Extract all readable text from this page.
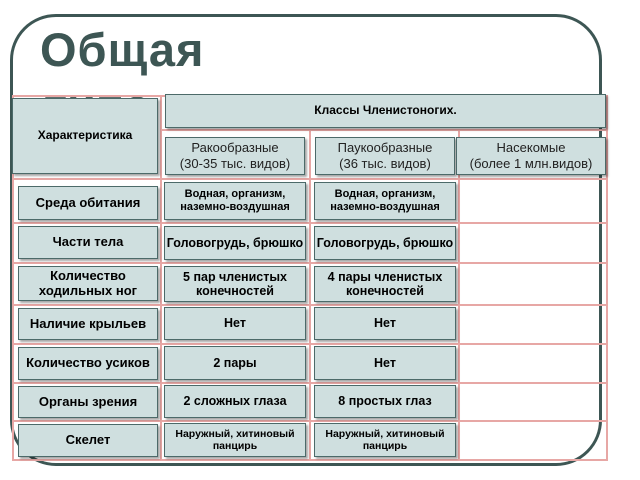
Общая
Характеристика
Классы Членистоногих.
Ракообразные
(30-35 тыс. видов)
Паукообразные
(36 тыс. видов)
Насекомые
(более 1 млн.видов)
Среда обитания
Части тела
Количество ходильных ног
Наличие крыльев
Количество усиков
Органы зрения
Скелет
Водная, организм, наземно-воздушная
Головогрудь, брюшко
5 пар членистых конечностей
Нет
2 пары
2 сложных глаза
Наружный, хитиновый панцирь
Водная, организм, наземно-воздушная
Головогрудь, брюшко
4 пары членистых конечностей
Нет
Нет
8 простых глаз
Наружный, хитиновый панцирь
